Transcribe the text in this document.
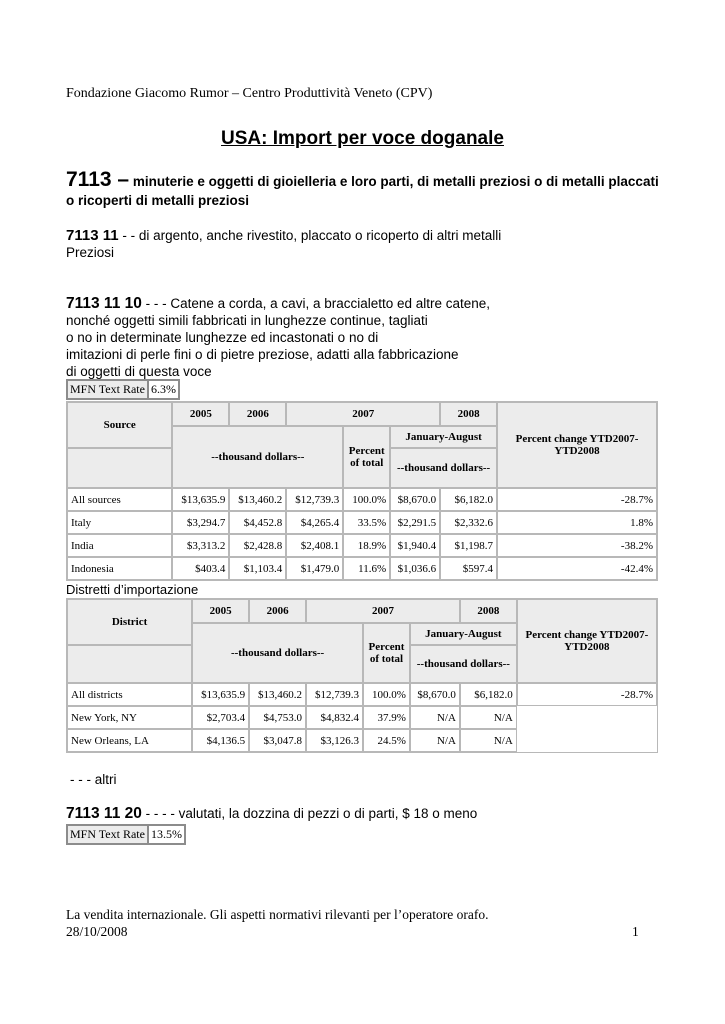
Fondazione Giacomo Rumor – Centro Produttività Veneto (CPV)
USA: Import per voce doganale
7113 – minuterie e oggetti di gioielleria e loro parti, di metalli preziosi o di metalli placcati o ricoperti di metalli preziosi
7113 11 - - di argento, anche rivestito, placcato o ricoperto di altri metalli
Preziosi
7113 11 10 - - - Catene a corda, a cavi, a braccialetto ed altre catene,
nonché oggetti simili fabbricati in lunghezze continue, tagliati
o no in determinate lunghezze ed incastonati o no di
imitazioni di perle fini o di pietre preziose, adatti alla fabbricazione
di oggetti di questa voce
MFN Text Rate	6.3%
Source	2005	2006	2007			2008	Percent change YTD2007-YTD2008
	--thousand dollars--			Percent of total	January-August		
					--thousand dollars--		
All sources	$13,635.9	$13,460.2	$12,739.3	100.0%	$8,670.0	$6,182.0	-28.7%
Italy	$3,294.7	$4,452.8	$4,265.4	33.5%	$2,291.5	$2,332.6	1.8%
India	$3,313.2	$2,428.8	$2,408.1	18.9%	$1,940.4	$1,198.7	-38.2%
Indonesia	$403.4	$1,103.4	$1,479.0	11.6%	$1,036.6	$597.4	-42.4%
Distretti d’importazione
District	2005	2006	2007			2008	Percent change YTD2007- YTD2008
	--thousand dollars--			Percent of total	January-August		
					--thousand dollars--		
All districts	$13,635.9	$13,460.2	$12,739.3	100.0%	$8,670.0	$6,182.0	-28.7%
New York, NY	$2,703.4	$4,753.0	$4,832.4	37.9%	N/A	N/A	
New Orleans, LA	$4,136.5	$3,047.8	$3,126.3	24.5%	N/A	N/A	
- - - altri
7113 11 20 - - - - valutati, la dozzina di pezzi o di parti, $ 18 o meno
MFN Text Rate	13.5%
La vendita internazionale. Gli aspetti normativi rilevanti per l’operatore orafo.
28/10/2008	1
